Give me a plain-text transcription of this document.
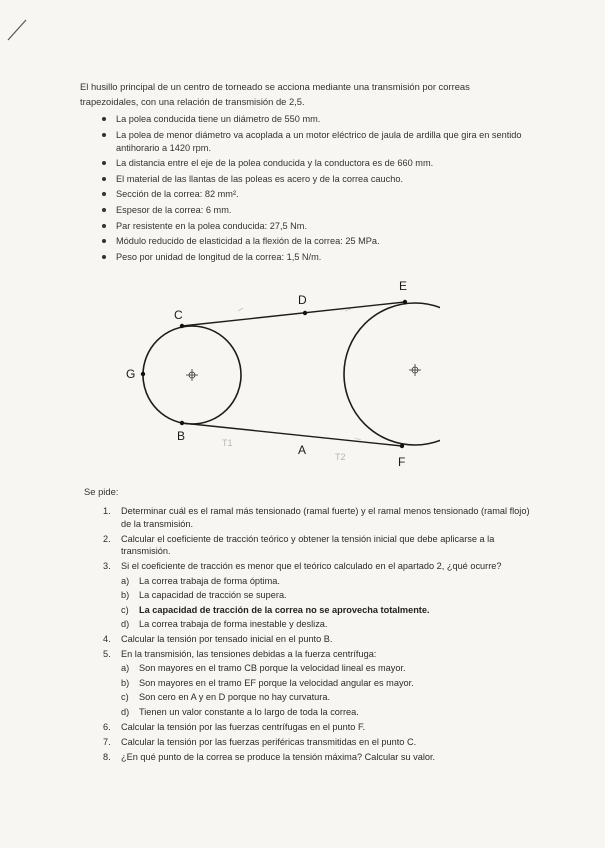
El husillo principal de un centro de torneado se acciona mediante una transmisión por correas trapezoidales, con una relación de transmisión de 2,5.
La polea conducida tiene un diámetro de 550 mm.
La polea de menor diámetro va acoplada a un motor eléctrico de jaula de ardilla que gira en sentido antihorario a 1420 rpm.
La distancia entre el eje de la polea conducida y la conductora es de 660 mm.
El material de las llantas de las poleas es acero y de la correa caucho.
Sección de la correa: 82 mm².
Espesor de la correa: 6 mm.
Par resistente en la polea conducida: 27,5 Nm.
Módulo reducido de elasticidad a la flexión de la correa: 25 MPa.
Peso por unidad de longitud de la correa: 1,5 N/m.
C
D
E
G
B
A
F
T1
T2
Se pide:
1. Determinar cuál es el ramal más tensionado (ramal fuerte) y el ramal menos tensionado (ramal flojo) de la transmisión.
2. Calcular el coeficiente de tracción teórico y obtener la tensión inicial que debe aplicarse a la transmisión.
3. Si el coeficiente de tracción es menor que el teórico calculado en el apartado 2, ¿qué ocurre?
a) La correa trabaja de forma óptima.
b) La capacidad de tracción se supera.
c) La capacidad de tracción de la correa no se aprovecha totalmente.
d) La correa trabaja de forma inestable y desliza.
4. Calcular la tensión por tensado inicial en el punto B.
5. En la transmisión, las tensiones debidas a la fuerza centrífuga:
a) Son mayores en el tramo CB porque la velocidad lineal es mayor.
b) Son mayores en el tramo EF porque la velocidad angular es mayor.
c) Son cero en A y en D porque no hay curvatura.
d) Tienen un valor constante a lo largo de toda la correa.
6. Calcular la tensión por las fuerzas centrífugas en el punto F.
7. Calcular la tensión por las fuerzas periféricas transmitidas en el punto C.
8. ¿En qué punto de la correa se produce la tensión máxima? Calcular su valor.
